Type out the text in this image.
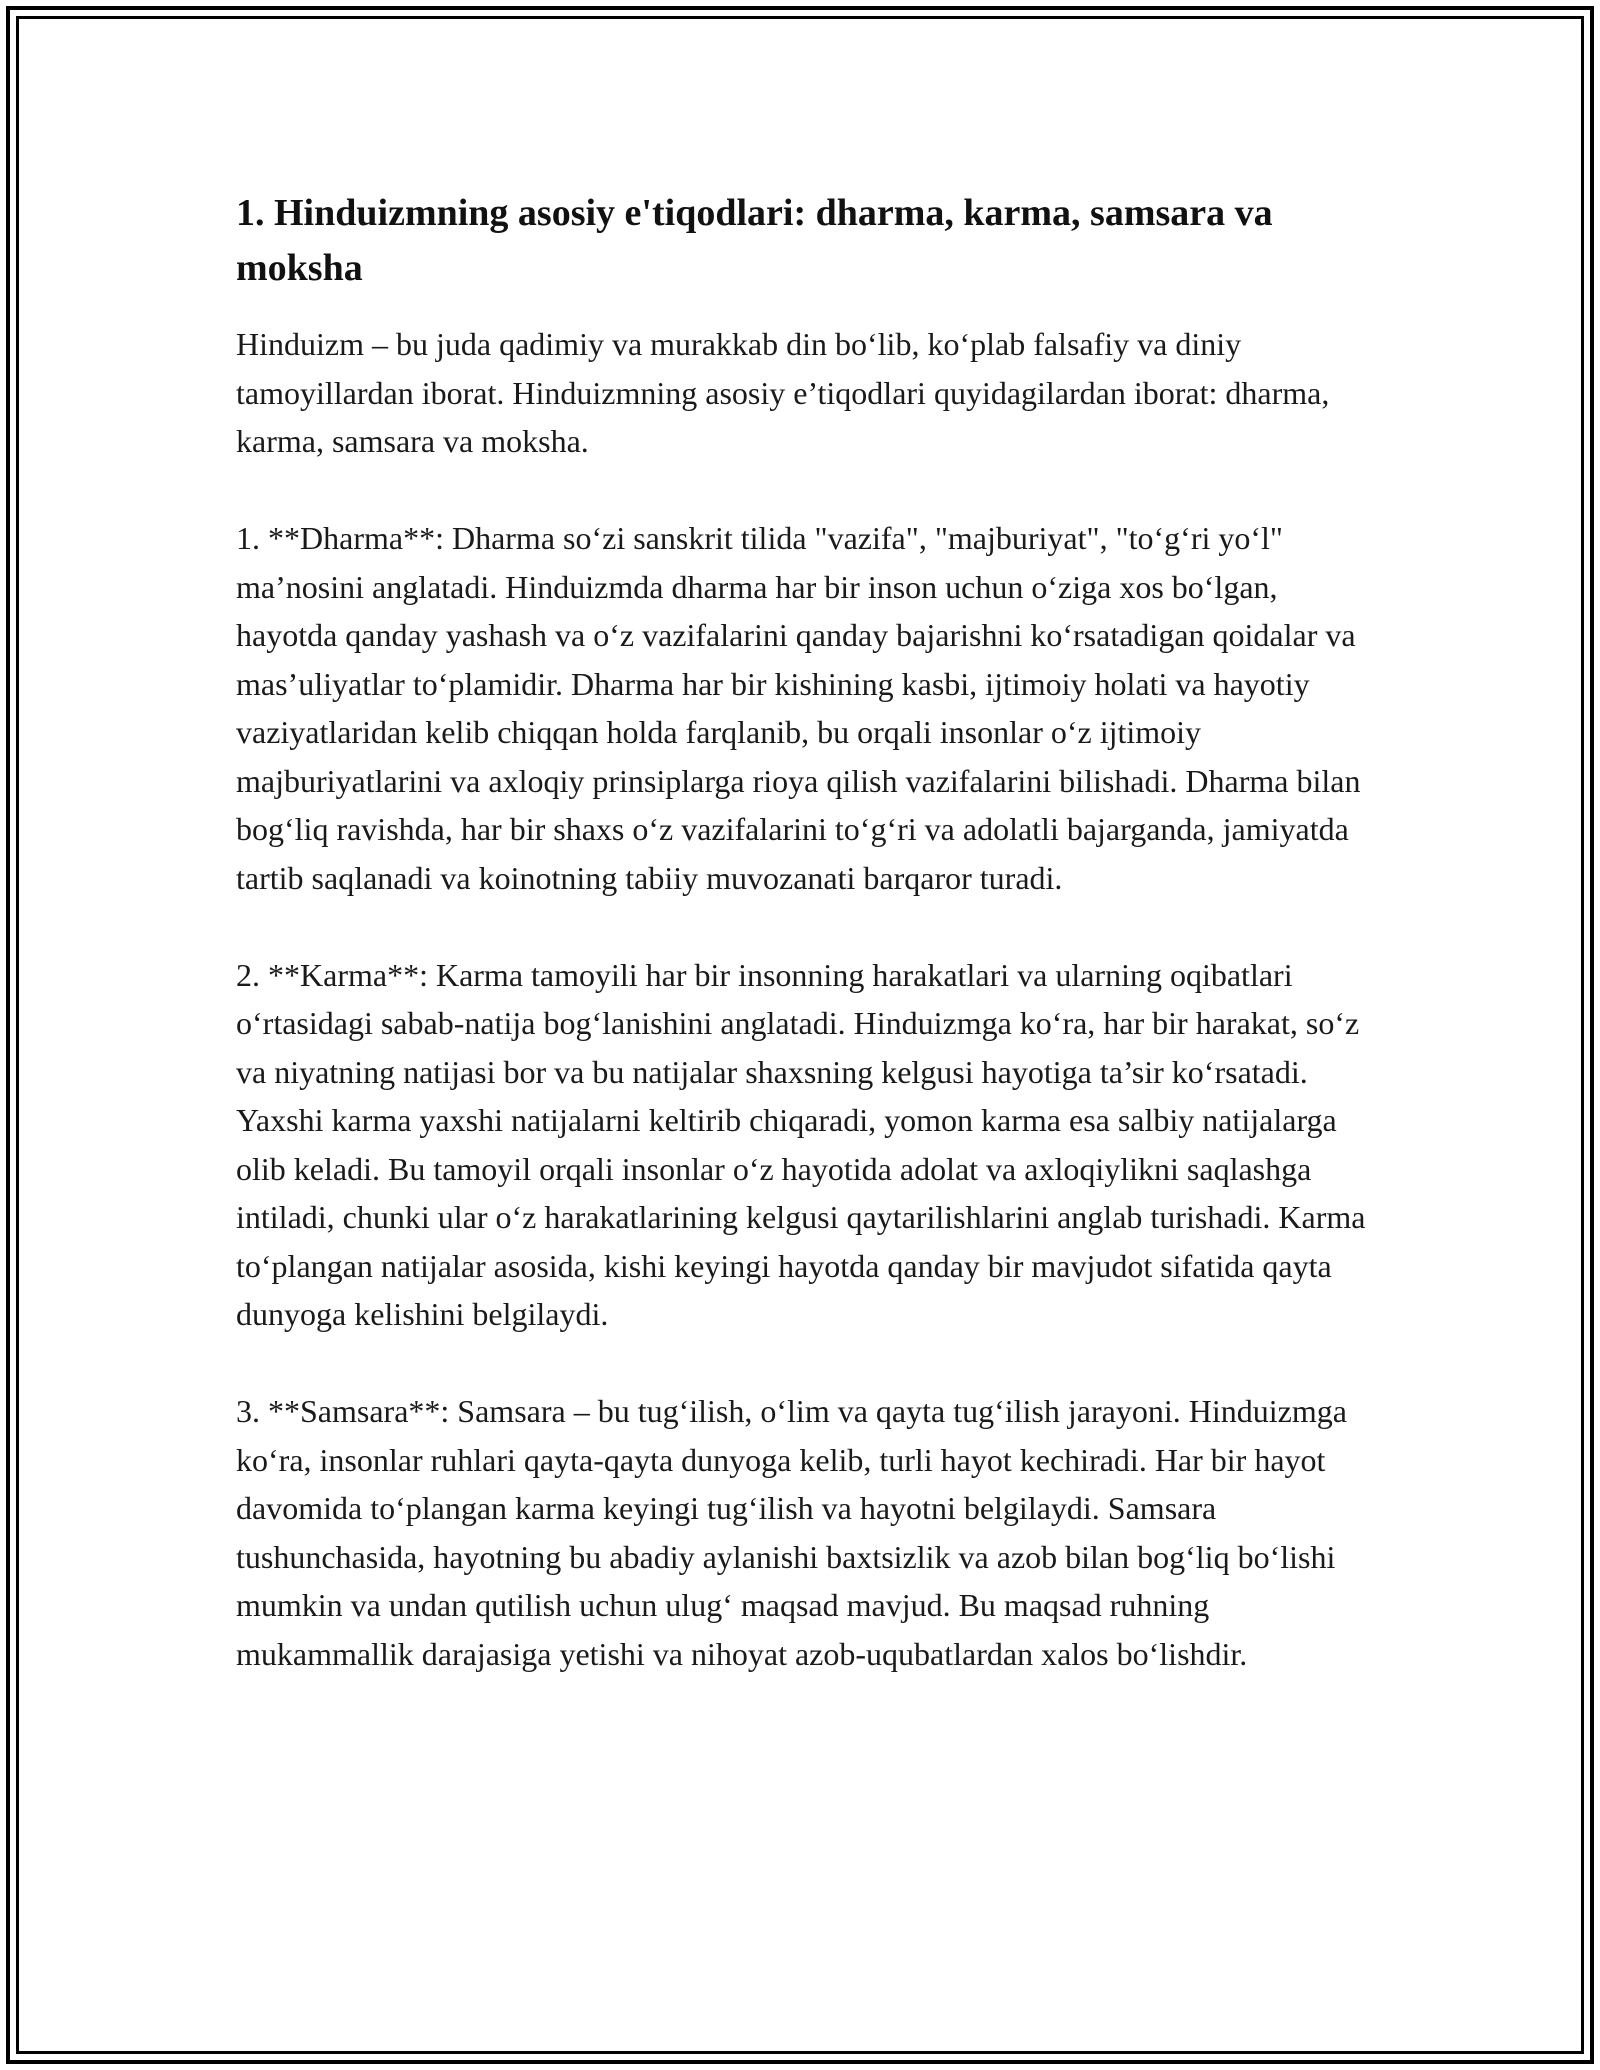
1. Hinduizmning asosiy e'tiqodlari: dharma, karma, samsara va moksha

Hinduizm – bu juda qadimiy va murakkab din bo‘lib, ko‘plab falsafiy va diniy tamoyillardan iborat. Hinduizmning asosiy e’tiqodlari quyidagilardan iborat: dharma, karma, samsara va moksha.

1. **Dharma**: Dharma so‘zi sanskrit tilida "vazifa", "majburiyat", "to‘g‘ri yo‘l" ma’nosini anglatadi. Hinduizmda dharma har bir inson uchun o‘ziga xos bo‘lgan, hayotda qanday yashash va o‘z vazifalarini qanday bajarishni ko‘rsatadigan qoidalar va mas’uliyatlar to‘plamidir. Dharma har bir kishining kasbi, ijtimoiy holati va hayotiy vaziyatlaridan kelib chiqqan holda farqlanib, bu orqali insonlar o‘z ijtimoiy majburiyatlarini va axloqiy prinsiplarga rioya qilish vazifalarini bilishadi. Dharma bilan bog‘liq ravishda, har bir shaxs o‘z vazifalarini to‘g‘ri va adolatli bajarganda, jamiyatda tartib saqlanadi va koinotning tabiiy muvozanati barqaror turadi.

2. **Karma**: Karma tamoyili har bir insonning harakatlari va ularning oqibatlari o‘rtasidagi sabab-natija bog‘lanishini anglatadi. Hinduizmga ko‘ra, har bir harakat, so‘z va niyatning natijasi bor va bu natijalar shaxsning kelgusi hayotiga ta’sir ko‘rsatadi. Yaxshi karma yaxshi natijalarni keltirib chiqaradi, yomon karma esa salbiy natijalarga olib keladi. Bu tamoyil orqali insonlar o‘z hayotida adolat va axloqiylikni saqlashga intiladi, chunki ular o‘z harakatlarining kelgusi qaytarilishlarini anglab turishadi. Karma to‘plangan natijalar asosida, kishi keyingi hayotda qanday bir mavjudot sifatida qayta dunyoga kelishini belgilaydi.

3. **Samsara**: Samsara – bu tug‘ilish, o‘lim va qayta tug‘ilish jarayoni. Hinduizmga ko‘ra, insonlar ruhlari qayta-qayta dunyoga kelib, turli hayot kechiradi. Har bir hayot davomida to‘plangan karma keyingi tug‘ilish va hayotni belgilaydi. Samsara tushunchasida, hayotning bu abadiy aylanishi baxtsizlik va azob bilan bog‘liq bo‘lishi mumkin va undan qutilish uchun ulug‘ maqsad mavjud. Bu maqsad ruhning mukammallik darajasiga yetishi va nihoyat azob-uqubatlardan xalos bo‘lishdir.
